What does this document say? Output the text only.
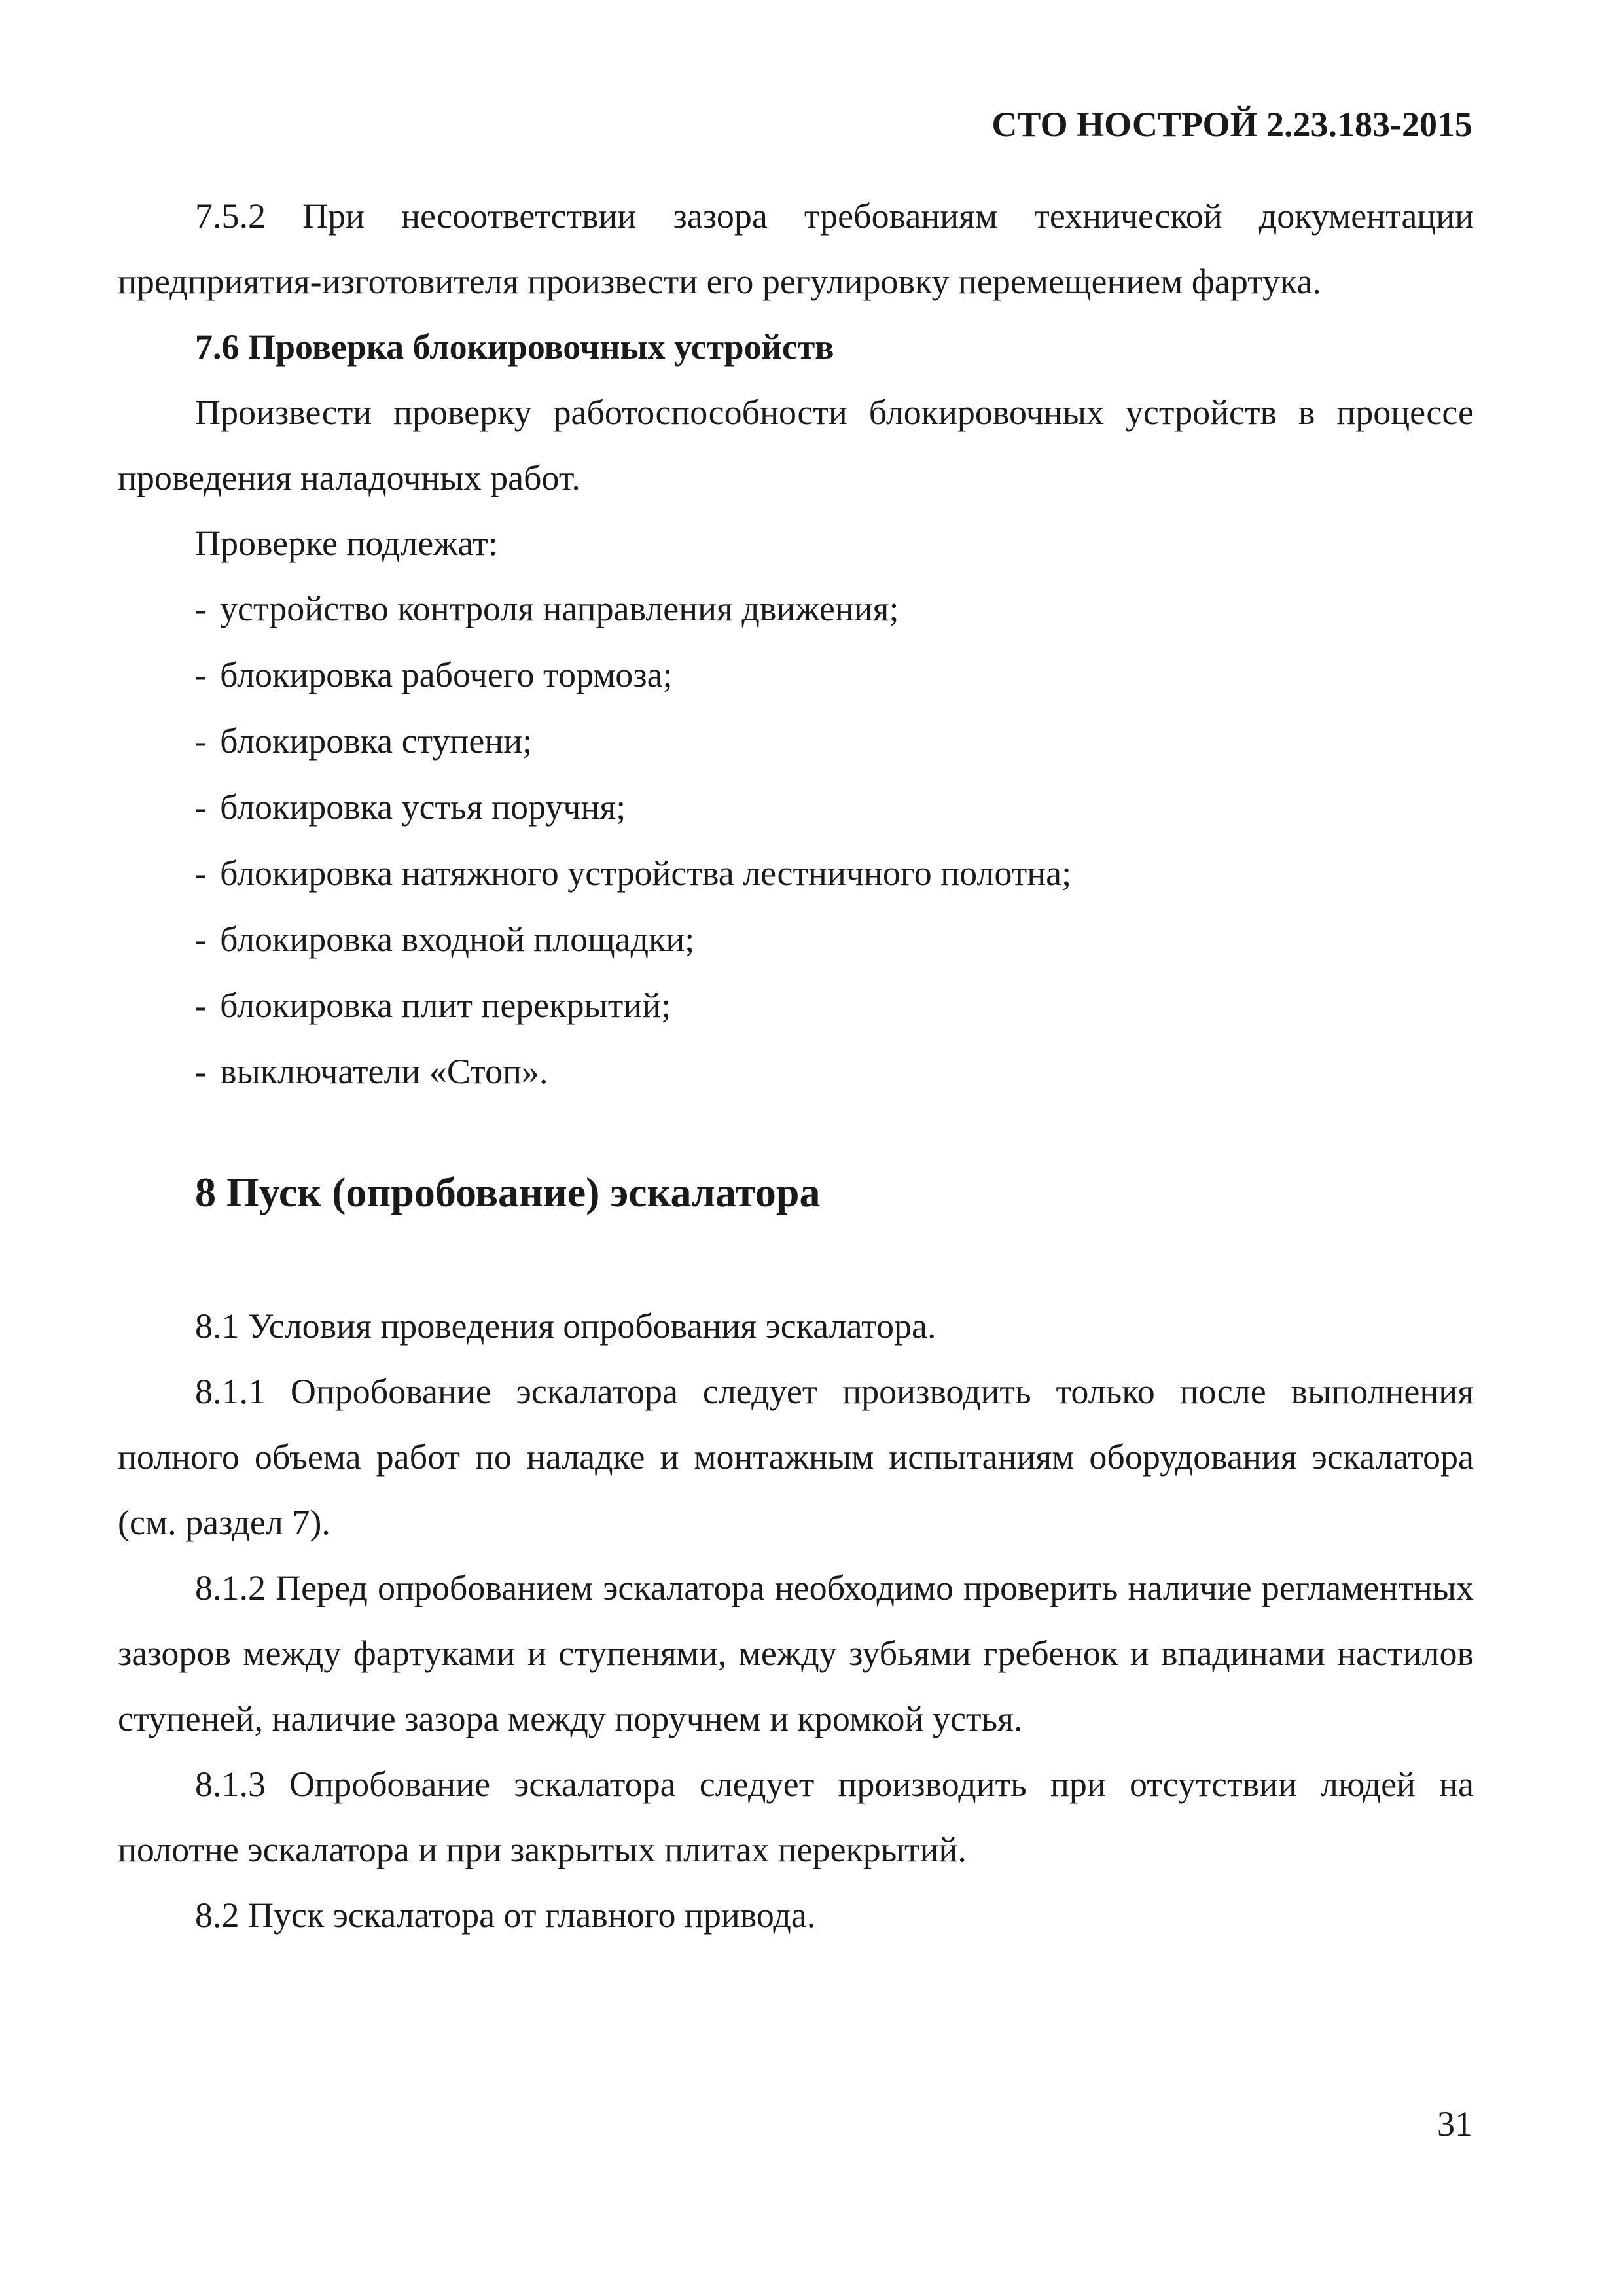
СТО НОСТРОЙ 2.23.183-2015

7.5.2 При несоответствии зазора требованиям технической документации предприятия-изготовителя произвести его регулировку перемещением фартука.

7.6 Проверка блокировочных устройств

Произвести проверку работоспособности блокировочных устройств в процессе проведения наладочных работ.

Проверке подлежат:

- устройство контроля направления движения;
- блокировка рабочего тормоза;
- блокировка ступени;
- блокировка устья поручня;
- блокировка натяжного устройства лестничного полотна;
- блокировка входной площадки;
- блокировка плит перекрытий;
- выключатели «Стоп».
8 Пуск (опробование) эскалатора

8.1 Условия проведения опробования эскалатора.

8.1.1 Опробование эскалатора следует производить только после выполнения полного объема работ по наладке и монтажным испытаниям оборудования эскалатора (см. раздел 7).

8.1.2 Перед опробованием эскалатора необходимо проверить наличие регламентных зазоров между фартуками и ступенями, между зубьями гребенок и впадинами настилов ступеней, наличие зазора между поручнем и кромкой устья.

8.1.3 Опробование эскалатора следует производить при отсутствии людей на полотне эскалатора и при закрытых плитах перекрытий.

8.2 Пуск эскалатора от главного привода.

31
